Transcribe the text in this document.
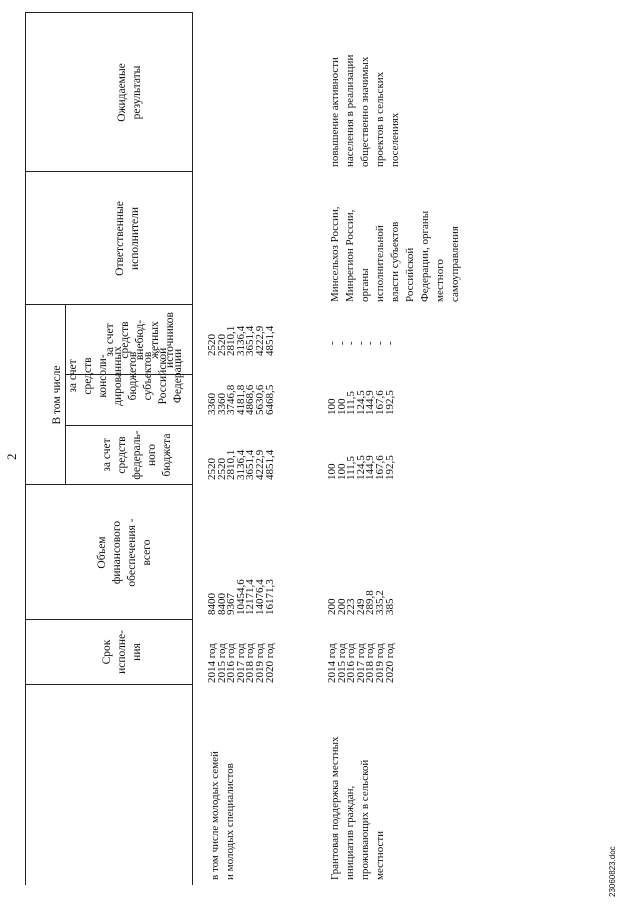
2
Срок
исполне-
ния
Объем
финансового
обеспечения -
всего
В том числе
за счет
средств
федераль-
ного
бюджета
за счет
средств
консоли-
дированных
бюджетов
субъектов
Российской
Федерации
за счет
средств
внебюд-
жетных
источников
Ответственные
исполнители
Ожидаемые
результаты
в том числе молодых семей
и молодых специалистов
2014 год
2015 год
2016 год
2017 год
2018 год
2019 год
2020 год
8400
8400
9367
10454,6
12171,4
14076,4
16171,3
2520
2520
2810,1
3136,4
3651,4
4222,9
4851,4
3360
3360
3746,8
4181,8
4868,6
5630,6
6468,5
2520
2520
2810,1
3136,4
3651,4
4222,9
4851,4
Грантовая поддержка местных
инициатив граждан,
проживающих в сельской
местности
2014 год
2015 год
2016 год
2017 год
2018 год
2019 год
2020 год
200
200
223
249
289,8
335,2
385
100
100
111,5
124,5
144,9
167,6
192,5
100
100
111,5
124,5
144,9
167,6
192,5
-
-
-
-
-
-
-
Минсельхоз России,
Минрегион России,
органы
исполнительной
власти субъектов
Российской
Федерации, органы
местного
самоуправления
повышение активности
населения в реализации
общественно значимых
проектов в сельских
поселениях
23060823.doc
